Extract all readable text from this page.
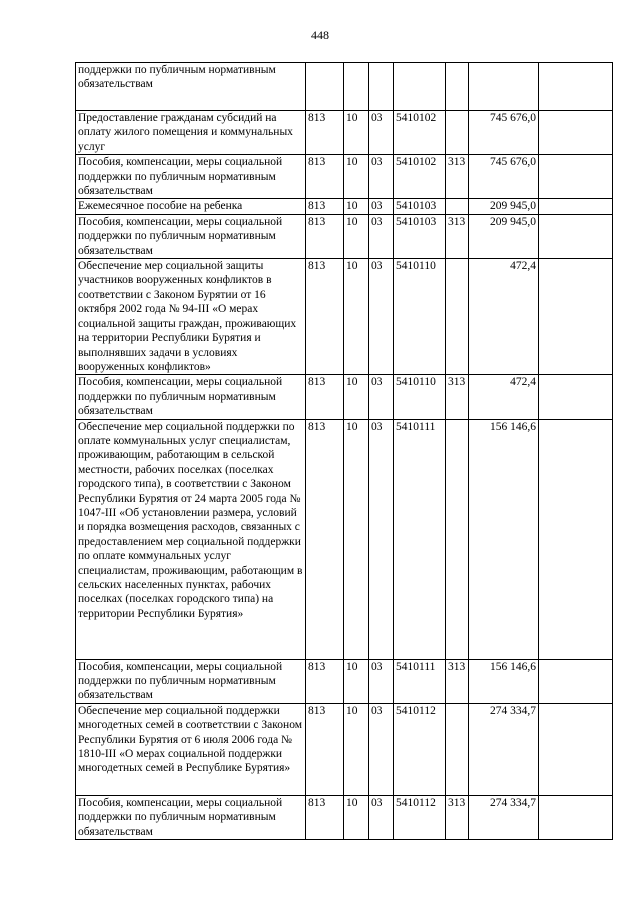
448
поддержки по публичным нормативным обязательствам							
Предоставление гражданам субсидий на оплату жилого помещения и коммунальных услуг	813	10	03	5410102		745 676,0	
Пособия, компенсации, меры социальной поддержки по публичным нормативным обязательствам	813	10	03	5410102	313	745 676,0	
Ежемесячное пособие на ребенка	813	10	03	5410103		209 945,0	
Пособия, компенсации, меры социальной поддержки по публичным нормативным обязательствам	813	10	03	5410103	313	209 945,0	
Обеспечение мер социальной защиты участников вооруженных конфликтов в соответствии с Законом Бурятии от 16 октября 2002 года № 94-III «О мерах социальной защиты граждан, проживающих на территории Республики Бурятия и выполнявших задачи в условиях вооруженных конфликтов»	813	10	03	5410110		472,4	
Пособия, компенсации, меры социальной поддержки по публичным нормативным обязательствам	813	10	03	5410110	313	472,4	
Обеспечение мер социальной поддержки по оплате коммунальных услуг специалистам, проживающим, работающим в сельской местности, рабочих поселках (поселках городского типа), в соответствии с Законом Республики Бурятия от 24 марта 2005 года № 1047-III «Об установлении размера, условий и порядка возмещения расходов, связанных с предоставлением мер социальной поддержки по оплате коммунальных услуг специалистам, проживающим, работающим в сельских населенных пунктах, рабочих поселках (поселках городского типа) на территории Республики Бурятия»	813	10	03	5410111		156 146,6	
Пособия, компенсации, меры социальной поддержки по публичным нормативным обязательствам	813	10	03	5410111	313	156 146,6	
Обеспечение мер социальной поддержки многодетных семей в соответствии с Законом Республики Бурятия от 6 июля 2006 года № 1810-III «О мерах социальной поддержки многодетных семей в Республике Бурятия»	813	10	03	5410112		274 334,7	
Пособия, компенсации, меры социальной поддержки по публичным нормативным обязательствам	813	10	03	5410112	313	274 334,7	
